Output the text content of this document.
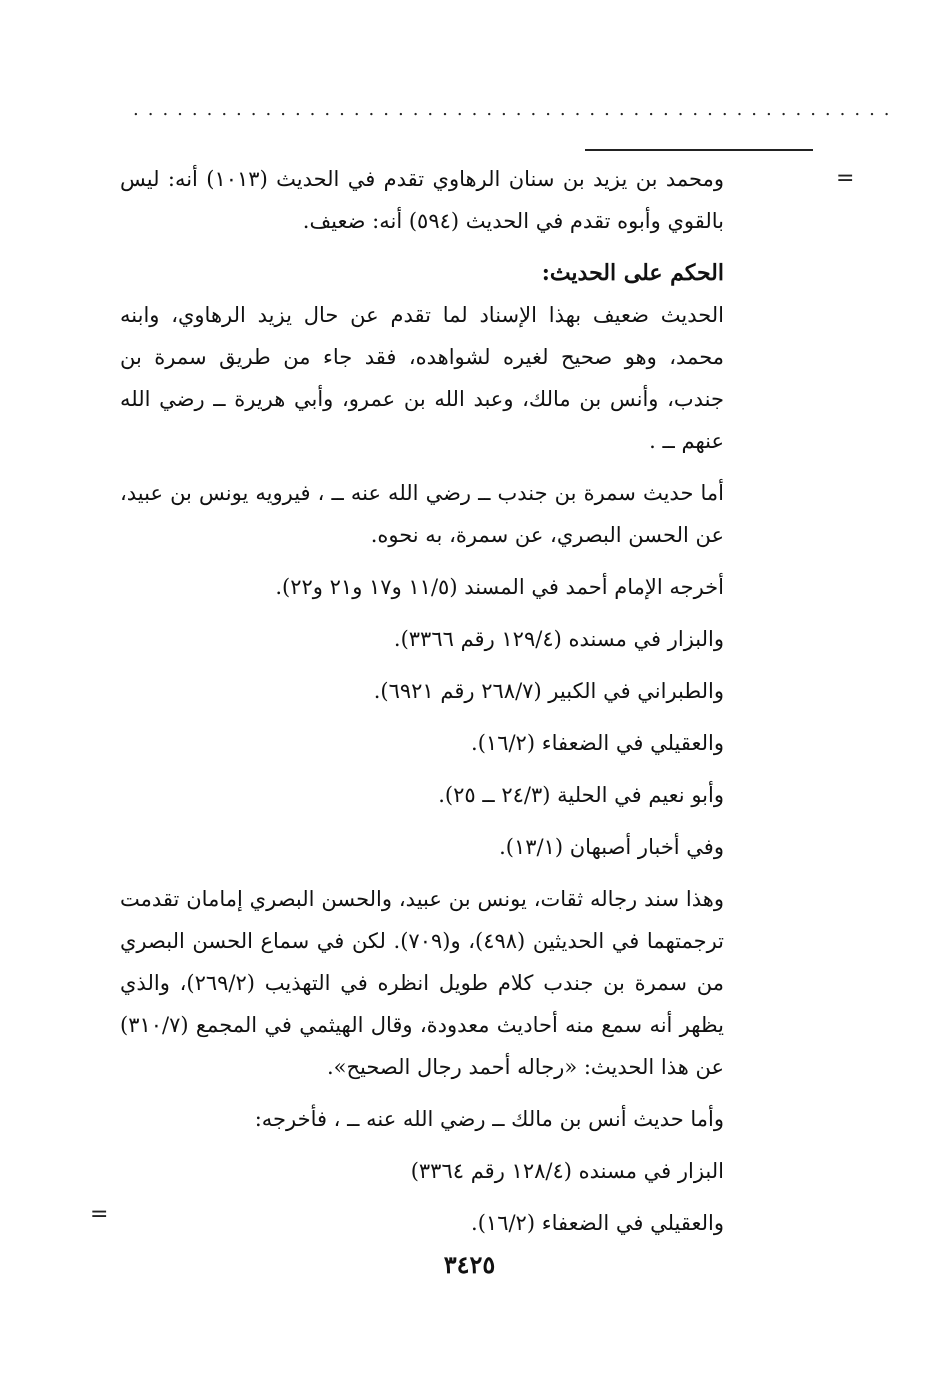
....................................................
=
=

ومحمد بن يزيد بن سنان الرهاوي تقدم في الحديث (١٠١٣) أنه: ليس بالقوي وأبوه تقدم في الحديث (٥٩٤) أنه: ضعيف.

الحكم على الحديث:

الحديث ضعيف بهذا الإسناد لما تقدم عن حال يزيد الرهاوي، وابنه محمد، وهو صحيح لغيره لشواهده، فقد جاء من طريق سمرة بن جندب، وأنس بن مالك، وعبد الله بن عمرو، وأبي هريرة ــ رضي الله عنهم ــ .

أما حديث سمرة بن جندب ــ رضي الله عنه ــ ، فيرويه يونس بن عبيد، عن الحسن البصري، عن سمرة، به نحوه.

أخرجه الإمام أحمد في المسند (١١/٥ و١٧ و٢١ و٢٢).

والبزار في مسنده (١٢٩/٤ رقم ٣٣٦٦).

والطبراني في الكبير (٢٦٨/٧ رقم ٦٩٢١).

والعقيلي في الضعفاء (١٦/٢).

وأبو نعيم في الحلية (٢٤/٣ ــ ٢٥).

وفي أخبار أصبهان (١٣/١).

وهذا سند رجاله ثقات، يونس بن عبيد، والحسن البصري إمامان تقدمت ترجمتهما في الحديثين (٤٩٨)، و(٧٠٩). لكن في سماع الحسن البصري من سمرة بن جندب كلام طويل انظره في التهذيب (٢٦٩/٢)، والذي يظهر أنه سمع منه أحاديث معدودة، وقال الهيثمي في المجمع (٣١٠/٧) عن هذا الحديث: «رجاله أحمد رجال الصحيح».

وأما حديث أنس بن مالك ــ رضي الله عنه ــ ، فأخرجه:

البزار في مسنده (١٢٨/٤ رقم ٣٣٦٤)

والعقيلي في الضعفاء (١٦/٢).

٣٤٢٥
